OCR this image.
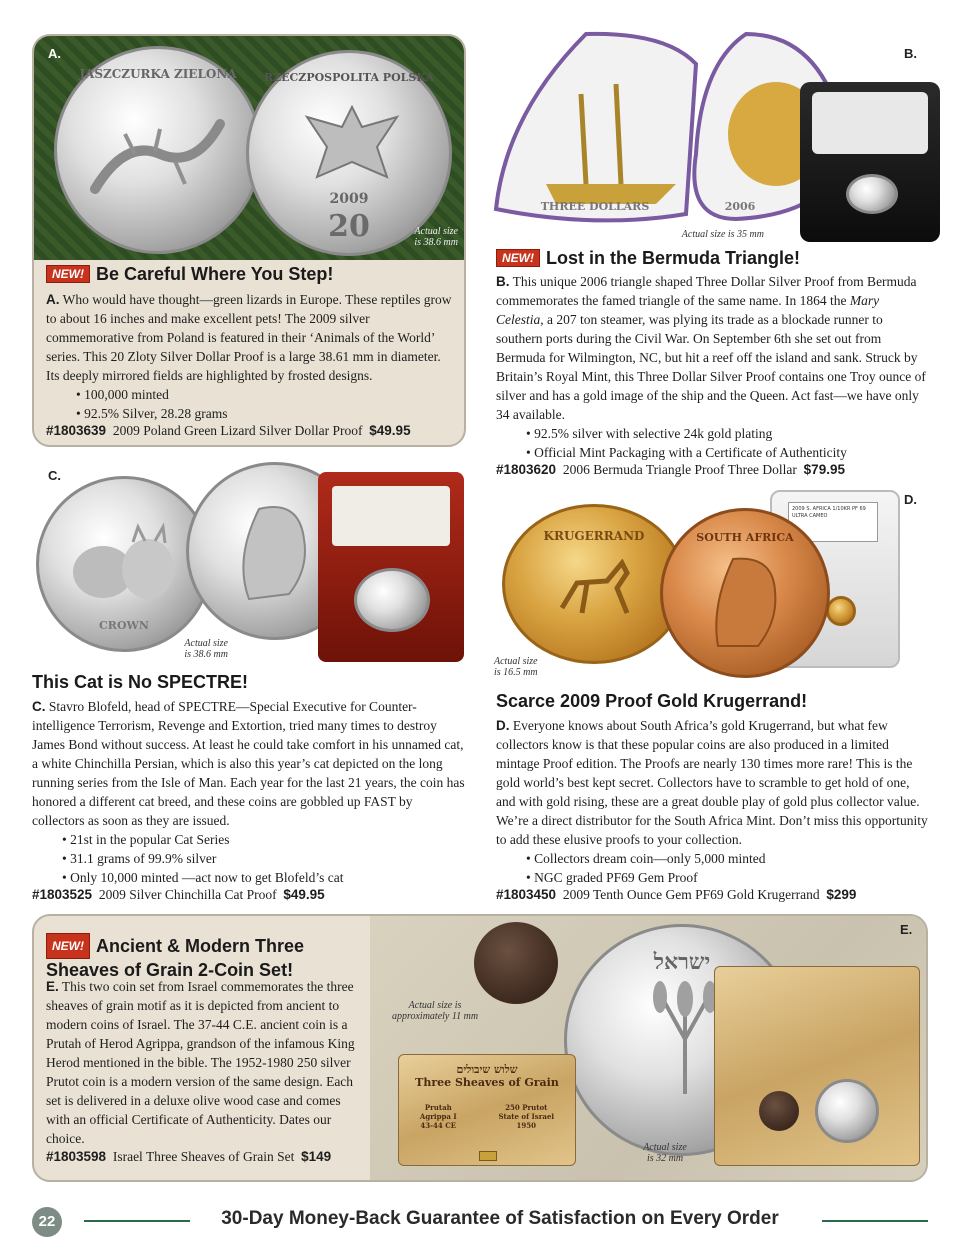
JASZCZURKA ZIELONA	RZECZPOSPOLITA POLSKA
2009
20	Actual size
is 38.6 mm
A.
NEW! Be Careful Where You Step!

A. Who would have thought—green lizards in Europe. These reptiles grow to about 16 inches and make excellent pets! The 2009 silver commemorative from Poland is featured in their ‘Animals of the World’ series. This 20 Zloty Silver Dollar Proof is a large 38.61 mm in diameter. Its deeply mirrored fields are highlighted by frosted designs.

• 100,000 minted
• 92.5% Silver, 28.28 grams
#1803639 2009 Poland Green Lizard Silver Dollar Proof $49.95
B.
THREE DOLLARS	2006
Actual size is 35 mm
NEW! Lost in the Bermuda Triangle!

B. This unique 2006 triangle shaped Three Dollar Silver Proof from Bermuda commemorates the famed triangle of the same name. In 1864 the Mary Celestia, a 207 ton steamer, was plying its trade as a blockade runner to southern ports during the Civil War. On September 6th she set out from Bermuda for Wilmington, NC, but hit a reef off the island and sank. Struck by Britain’s Royal Mint, this Three Dollar Silver Proof contains one Troy ounce of silver and has a gold image of the ship and the Queen. Act fast—we have only 34 available.

• 92.5% silver with selective 24k gold plating
• Official Mint Packaging with a Certificate of Authenticity
#1803620 2006 Bermuda Triangle Proof Three Dollar $79.95
C.
CROWN
Actual size
is 38.6 mm
This Cat is No SPECTRE!

C. Stavro Blofeld, head of SPECTRE—Special Executive for Counter-intelligence Terrorism, Revenge and Extortion, tried many times to destroy James Bond without success. At least he could take comfort in his unnamed cat, a white Chinchilla Persian, which is also this year’s cat depicted on the long running series from the Isle of Man. Each year for the last 21 years, the coin has honored a different cat breed, and these coins are gobbled up FAST by collectors as soon as they are issued.

• 21st in the popular Cat Series
• 31.1 grams of 99.9% silver
• Only 10,000 minted —act now to get Blofeld’s cat
#1803525 2009 Silver Chinchilla Cat Proof $49.95
D.
2009 S. AFRICA 1/10KR PF 69 ULTRA CAMEO
KRUGERRAND	SOUTH AFRICA
Actual size
is 16.5 mm
Scarce 2009 Proof Gold Krugerrand!

D. Everyone knows about South Africa’s gold Krugerrand, but what few collectors know is that these popular coins are also produced in a limited mintage Proof edition. The Proofs are nearly 130 times more rare! This is the gold world’s best kept secret. Collectors have to scramble to get hold of one, and with gold rising, these are a great double play of gold plus collector value. We’re a direct distributor for the South Africa Mint. Don’t miss this opportunity to add these elusive proofs to your collection.

• Collectors dream coin—only 5,000 minted
• NGC graded PF69 Gem Proof
#1803450 2009 Tenth Ounce Gem PF69 Gold Krugerrand $299
ישראל
שלוש שיבולים
Three Sheaves of Grain
Prutah
Agrippa I
43-44 CE
250 Prutot
State of Israel
1950
Actual size is
approximately 11 mm
Actual size
is 32 mm
E.
NEW! Ancient & Modern Three
Sheaves of Grain 2-Coin Set!

E. This two coin set from Israel commemorates the three sheaves of grain motif as it is depicted from ancient to modern coins of Israel. The 37-44 C.E. ancient coin is a Prutah of Herod Agrippa, grandson of the infamous King Herod mentioned in the bible. The 1952-1980 250 silver Prutot coin is a modern version of the same design. Each set is delivered in a deluxe olive wood case and comes with an official Certificate of Authenticity. Dates our choice.

#1803598 Israel Three Sheaves of Grain Set $149
22	30-Day Money-Back Guarantee of Satisfaction on Every Order
